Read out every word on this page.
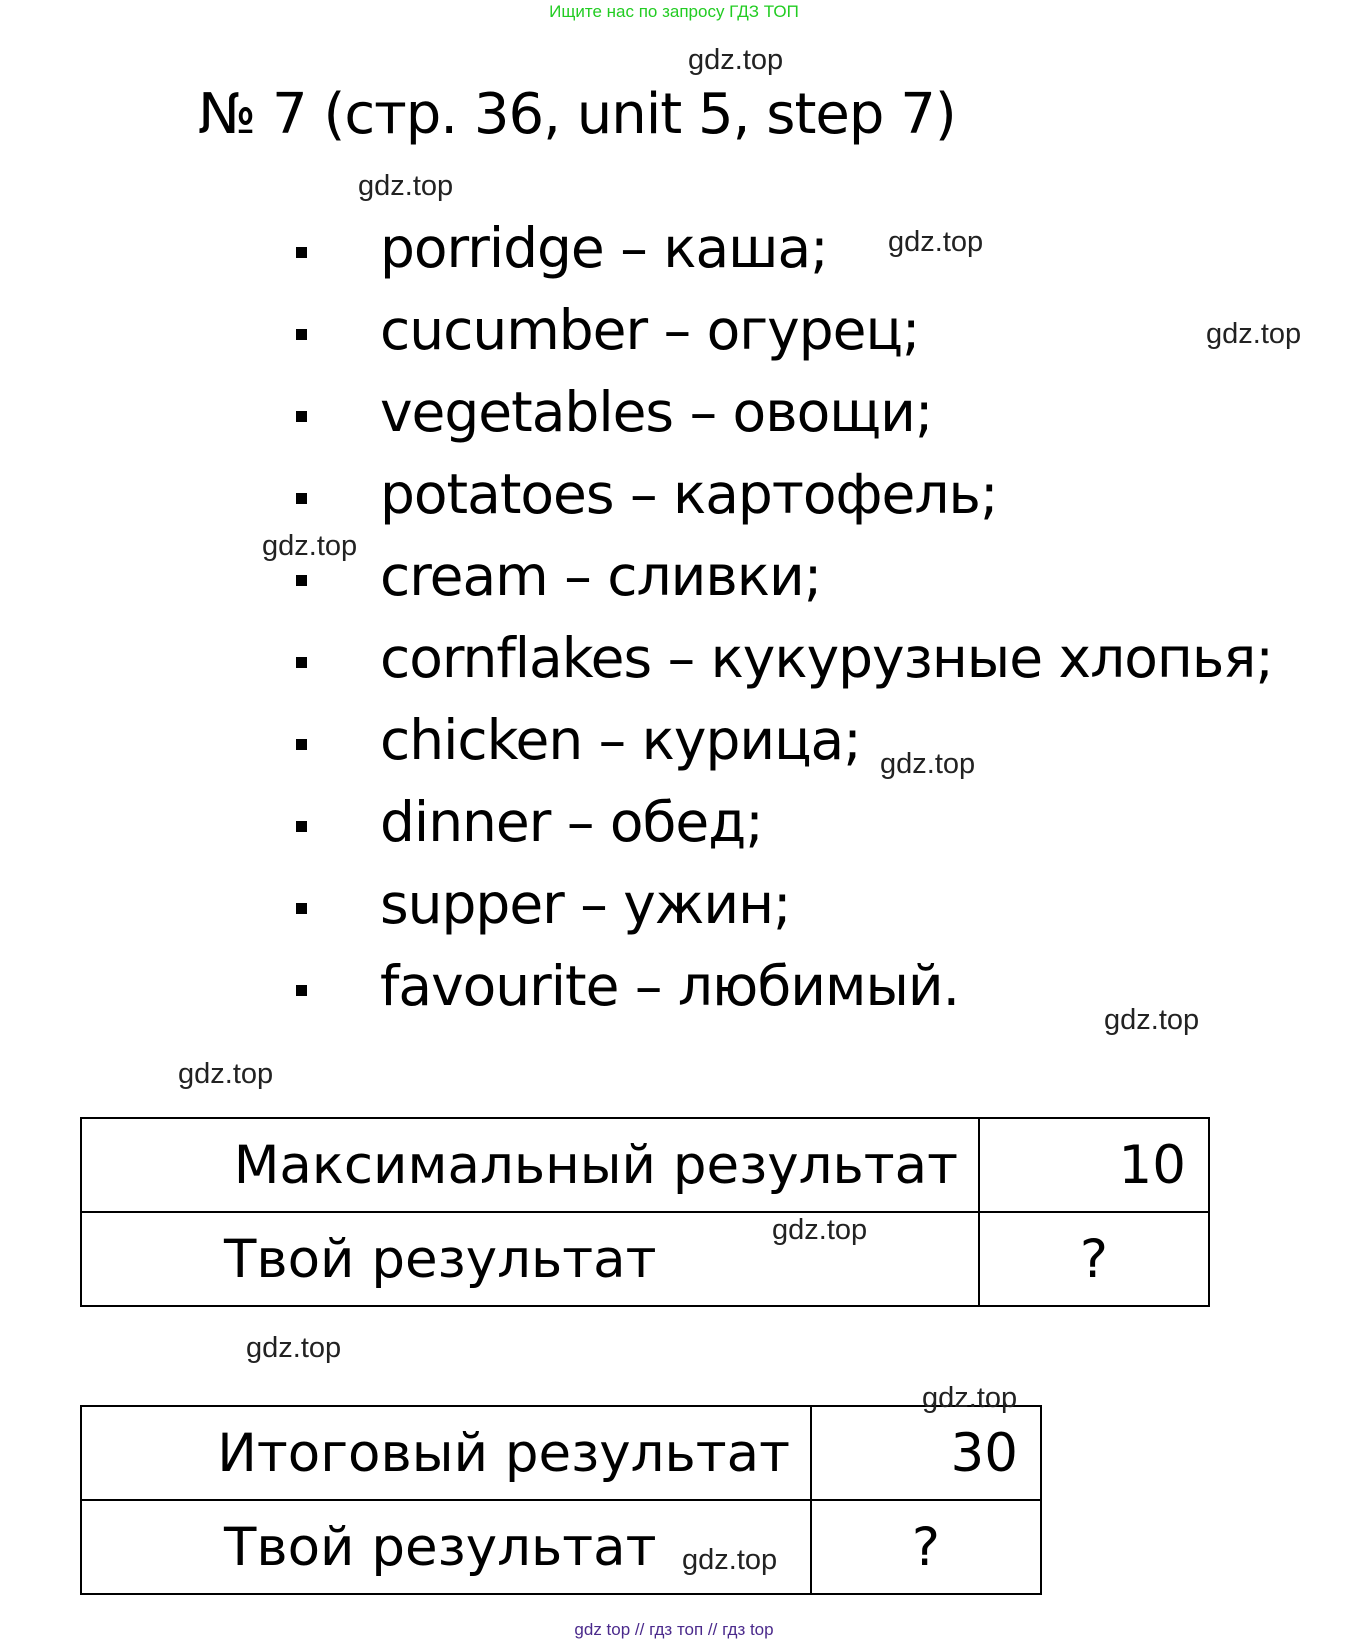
Ищите нас по запросу ГДЗ ТОП
gdz.top
№ 7 (стр. 36, unit 5, step 7)
gdz.top
gdz.top
gdz.top
gdz.top
gdz.top
gdz.top
gdz.top
porridge – каша;
cucumber – огурец;
vegetables – овощи;
potatoes – картофель;
cream – сливки;
cornflakes – кукурузные хлопья;
chicken – курица;
dinner – обед;
supper – ужин;
favourite – любимый.
Максимальный результат	10
Твой результат	?
gdz.top
gdz.top
Итоговый результат	30
Твой результат	?
gdz.top
gdz.top
gdz top // гдз топ // гдз top
